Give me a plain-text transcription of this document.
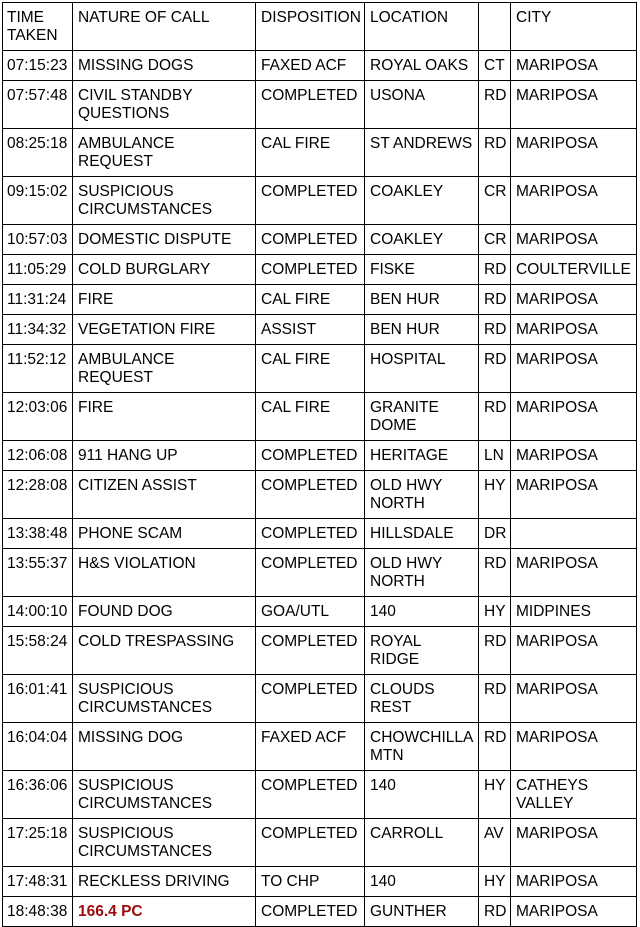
TIME
TAKEN	NATURE OF CALL	DISPOSITION	LOCATION		CITY
07:15:23	MISSING DOGS	FAXED ACF	ROYAL OAKS	CT	MARIPOSA
07:57:48	CIVIL STANDBY
QUESTIONS	COMPLETED	USONA	RD	MARIPOSA
08:25:18	AMBULANCE
REQUEST	CAL FIRE	ST ANDREWS	RD	MARIPOSA
09:15:02	SUSPICIOUS
CIRCUMSTANCES	COMPLETED	COAKLEY	CR	MARIPOSA
10:57:03	DOMESTIC DISPUTE	COMPLETED	COAKLEY	CR	MARIPOSA
11:05:29	COLD BURGLARY	COMPLETED	FISKE	RD	COULTERVILLE
11:31:24	FIRE	CAL FIRE	BEN HUR	RD	MARIPOSA
11:34:32	VEGETATION FIRE	ASSIST	BEN HUR	RD	MARIPOSA
11:52:12	AMBULANCE
REQUEST	CAL FIRE	HOSPITAL	RD	MARIPOSA
12:03:06	FIRE	CAL FIRE	GRANITE
DOME	RD	MARIPOSA
12:06:08	911 HANG UP	COMPLETED	HERITAGE	LN	MARIPOSA
12:28:08	CITIZEN ASSIST	COMPLETED	OLD HWY
NORTH	HY	MARIPOSA
13:38:48	PHONE SCAM	COMPLETED	HILLSDALE	DR	
13:55:37	H&S VIOLATION	COMPLETED	OLD HWY
NORTH	RD	MARIPOSA
14:00:10	FOUND DOG	GOA/UTL	140	HY	MIDPINES
15:58:24	COLD TRESPASSING	COMPLETED	ROYAL
RIDGE	RD	MARIPOSA
16:01:41	SUSPICIOUS
CIRCUMSTANCES	COMPLETED	CLOUDS
REST	RD	MARIPOSA
16:04:04	MISSING DOG	FAXED ACF	CHOWCHILLA
MTN	RD	MARIPOSA
16:36:06	SUSPICIOUS
CIRCUMSTANCES	COMPLETED	140	HY	CATHEYS
VALLEY
17:25:18	SUSPICIOUS
CIRCUMSTANCES	COMPLETED	CARROLL	AV	MARIPOSA
17:48:31	RECKLESS DRIVING	TO CHP	140	HY	MARIPOSA
18:48:38	166.4 PC	COMPLETED	GUNTHER	RD	MARIPOSA
